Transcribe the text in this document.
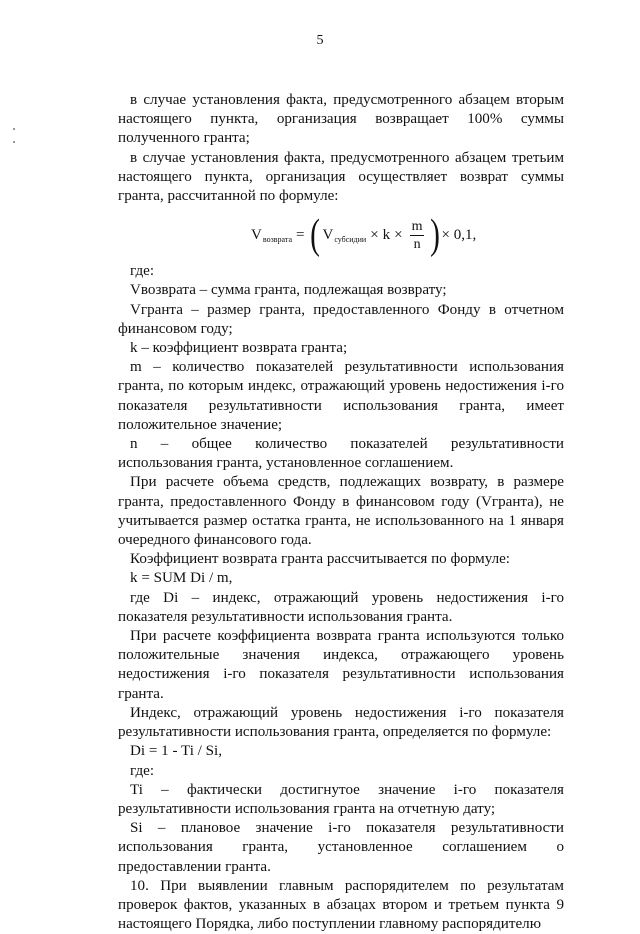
5

в случае установления факта, предусмотренного абзацем вторым настоящего пункта, организация возвращает 100% суммы полученного гранта;

в случае установления факта, предусмотренного абзацем третьим настоящего пункта, организация осуществляет возврат суммы гранта, рассчитанной по формуле:

V возврата = ( V субсидии × $k \times \frac{m}{n}$ ) × 0,1,

где:

Vвозврата – сумма гранта, подлежащая возврату;

Vгранта – размер гранта, предоставленного Фонду в отчетном финансовом году;

k – коэффициент возврата гранта;

m – количество показателей результативности использования гранта, по которым индекс, отражающий уровень недостижения i-го показателя результативности использования гранта, имеет положительное значение;

n – общее количество показателей результативности использования гранта, установленное соглашением.

При расчете объема средств, подлежащих возврату, в размере гранта, предоставленного Фонду в финансовом году (Vгранта), не учитывается размер остатка гранта, не использованного на 1 января очередного финансового года.

Коэффициент возврата гранта рассчитывается по формуле:

k = SUM Di / m,

где Di – индекс, отражающий уровень недостижения i-го показателя результативности использования гранта.

При расчете коэффициента возврата гранта используются только положительные значения индекса, отражающего уровень недостижения i-го показателя результативности использования гранта.

Индекс, отражающий уровень недостижения i-го показателя результативности использования гранта, определяется по формуле:

Di = 1 - Ti / Si,

где:

Ti – фактически достигнутое значение i-го показателя результативности использования гранта на отчетную дату;

Si – плановое значение i-го показателя результативности использования гранта, установленное соглашением о предоставлении гранта.

10. При выявлении главным распорядителем по результатам проверок фактов, указанных в абзацах втором и третьем пункта 9 настоящего Порядка, либо поступлении главному распорядителю
